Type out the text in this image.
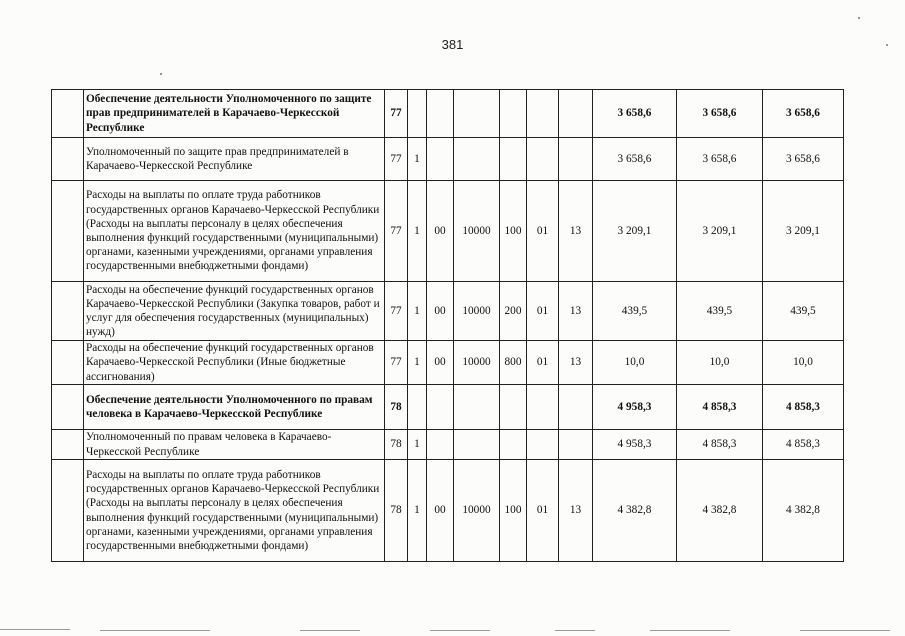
381
	Обеспечение деятельности Уполномоченного по защите прав предпринимателей в Карачаево-Черкесской Республике	77							3 658,6	3 658,6	3 658,6
	Уполномоченный по защите прав предпринимателей в Карачаево-Черкесской Республике	77	1						3 658,6	3 658,6	3 658,6
	Расходы на выплаты по оплате труда работников государственных органов Карачаево-Черкесской Республики (Расходы на выплаты персоналу в целях обеспечения выполнения функций государственными (муниципальными) органами, казенными учреждениями, органами управления государственными внебюджетными фондами)	77	1	00	10000	100	01	13	3 209,1	3 209,1	3 209,1
	Расходы на обеспечение функций государственных органов Карачаево-Черкесской Республики (Закупка товаров, работ и услуг для обеспечения государственных (муниципальных) нужд)	77	1	00	10000	200	01	13	439,5	439,5	439,5
	Расходы на обеспечение функций государственных органов Карачаево-Черкесской Республики (Иные бюджетные ассигнования)	77	1	00	10000	800	01	13	10,0	10,0	10,0
	Обеспечение деятельности Уполномоченного по правам человека в Карачаево-Черкесской Республике	78							4 958,3	4 858,3	4 858,3
	Уполномоченный по правам человека в Карачаево-Черкесской Республике	78	1						4 958,3	4 858,3	4 858,3
	Расходы на выплаты по оплате труда работников государственных органов Карачаево-Черкесской Республики (Расходы на выплаты персоналу в целях обеспечения выполнения функций государственными (муниципальными) органами, казенными учреждениями, органами управления государственными внебюджетными фондами)	78	1	00	10000	100	01	13	4 382,8	4 382,8	4 382,8
